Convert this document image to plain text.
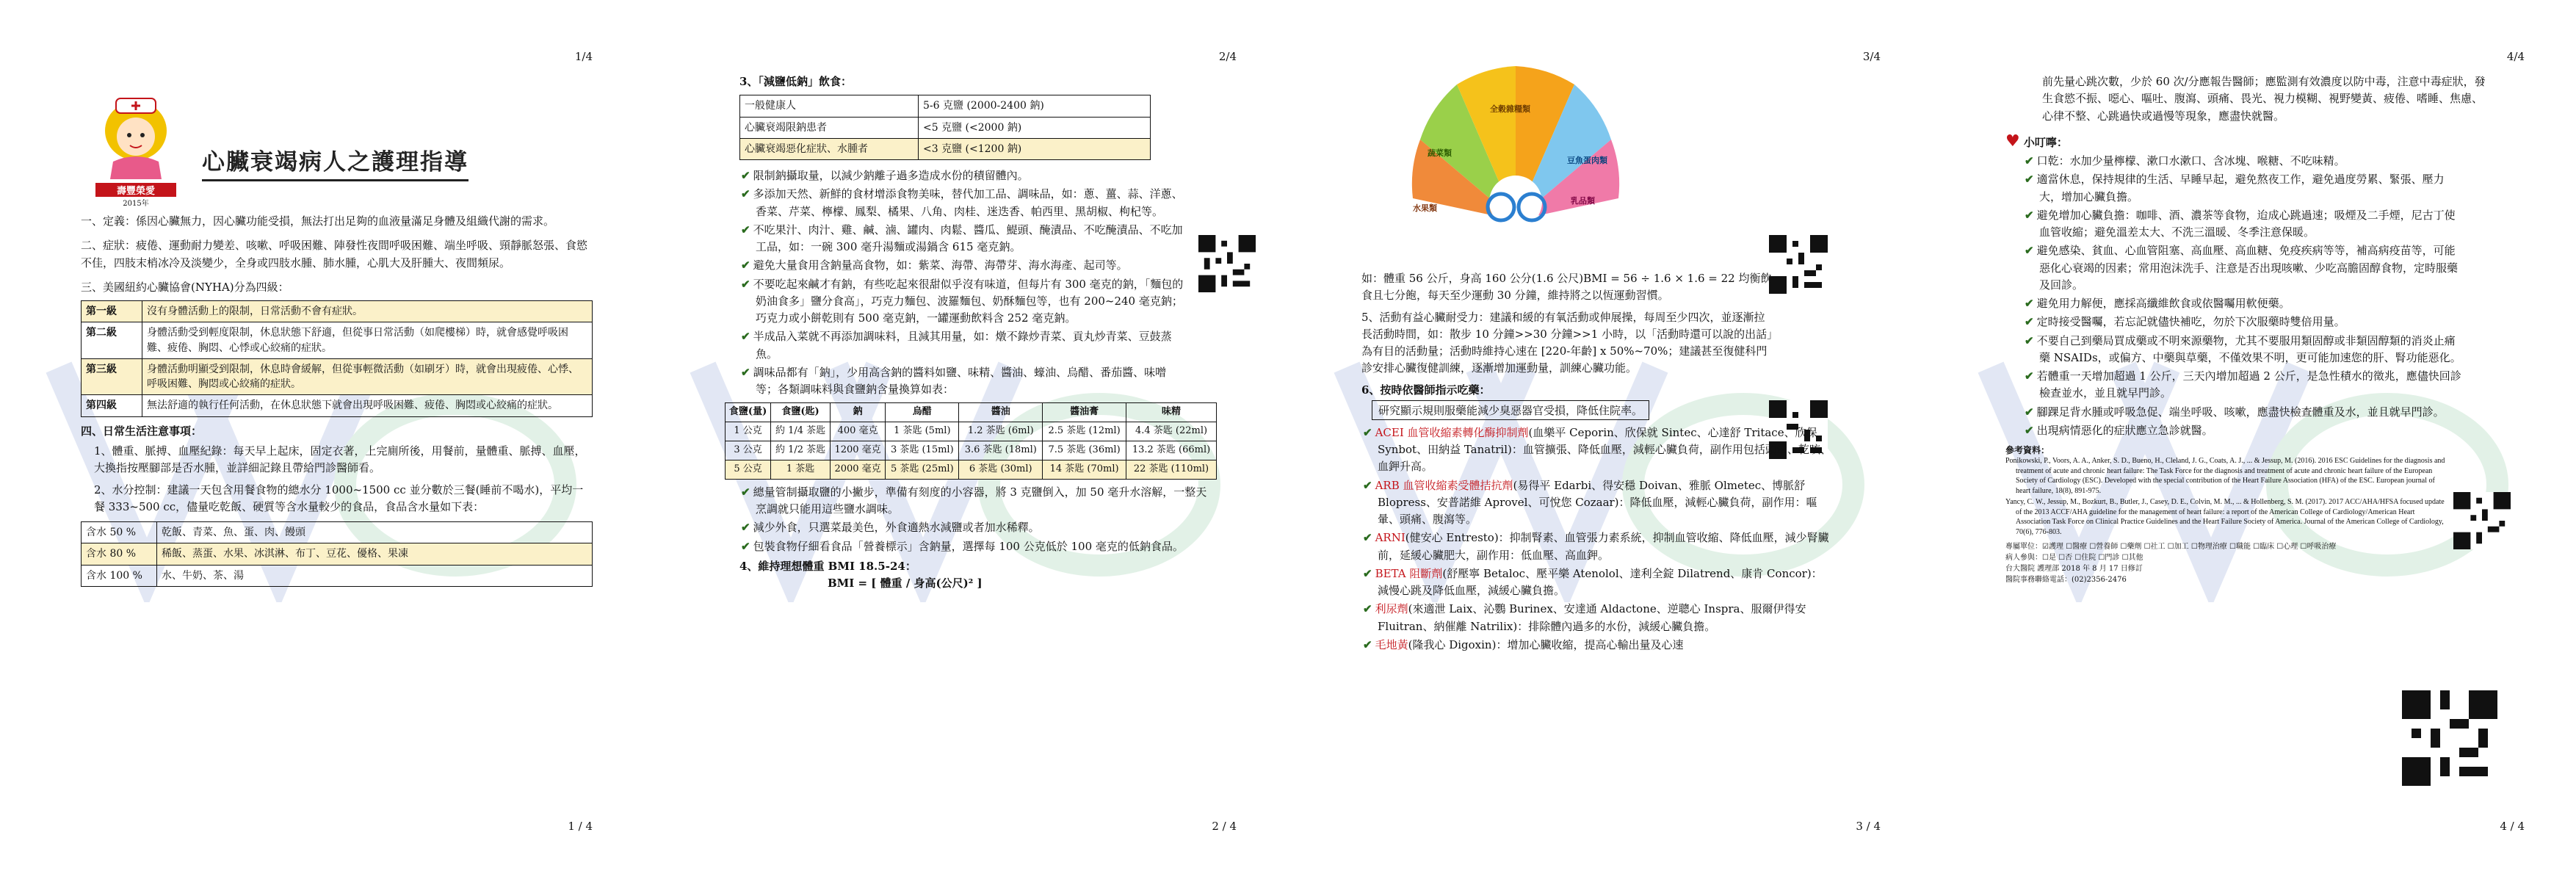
1/4
壽豐榮愛
2015年
心臟衰竭病人之護理指導
一、定義：係因心臟無力，因心臟功能受損，無法打出足夠的血液量滿足身體及組織代謝的需求。
二、症狀：疲倦、運動耐力變差、咳嗽、呼吸困難、陣發性夜間呼吸困難、端坐呼吸、頸靜脈怒張、食慾不佳，四肢末梢冰冷及淡變少，全身或四肢水腫、肺水腫，心肌大及肝腫大、夜間頻尿。
三、美國紐約心臟協會(NYHA)分為四級：
第一級	沒有身體活動上的限制，日常活動不會有症狀。
第二級	身體活動受到輕度限制，休息狀態下舒適，但從事日常活動（如爬樓梯）時，就會感覺呼吸困難、疲倦、胸悶、心悸或心絞痛的症狀。
第三級	身體活動明顯受到限制，休息時會緩解，但從事輕微活動（如刷牙）時，就會出現疲倦、心悸、呼吸困難、胸悶或心絞痛的症狀。
第四級	無法舒適的執行任何活動，在休息狀態下就會出現呼吸困難、疲倦、胸悶或心絞痛的症狀。
四、日常生活注意事項：
1、體重、脈搏、血壓紀錄：每天早上起床，固定衣著，上完廁所後，用餐前，量體重、脈搏、血壓，大換指按壓腳部是否水腫，並詳細記錄且帶給門診醫師看。
2、水分控制：建議一天包含用餐食物的總水分 1000~1500 cc 並分數於三餐(睡前不喝水)，平均一餐 333~500 cc，儘量吃乾飯、硬質等含水量較少的食品，食品含水量如下表：
含水 50 %	乾飯、青菜、魚、蛋、肉、饅頭
含水 80 %	稀飯、蒸蛋、水果、冰淇淋、布丁、豆花、優格、果凍
含水 100 %	水、牛奶、茶、湯
1 / 4
2/4
3、「減鹽低鈉」飲食：
一般健康人	5-6 克鹽 (2000-2400 鈉)
心臟衰竭限鈉患者	<5 克鹽 (<2000 鈉)
心臟衰竭惡化症狀、水腫者	<3 克鹽 (<1200 鈉)
✔ 限制鈉攝取量，以減少鈉離子過多造成水份的積留體內。
✔ 多添加天然、新鮮的食材增添食物美味，替代加工品、調味品，如：蔥、薑、蒜、洋蔥、香菜、芹菜、檸檬、鳳梨、橘果、八角、肉桂、迷迭香、帕西里、黑胡椒、枸杞等。
✔ 不吃果汁、肉汁、雞、鹹、滷、罐肉、肉鬆、醬瓜、鯷頭、醃漬品、不吃醃漬品、不吃加工品，如：一碗 300 毫升湯麵或湯鍋含 615 毫克鈉。
✔ 避免大量食用含鈉量高食物，如：紫菜、海帶、海帶芽、海水海產、起司等。
✔ 不要吃起來鹹才有鈉，有些吃起來很甜似乎沒有味道，但每片有 300 毫克的鈉，「麵包的奶油食多」鹽分食高」，巧克力麵包、波羅麵包、奶酥麵包等，也有 200~240 毫克鈉；巧克力或小餅乾則有 500 毫克鈉，一罐運動飲料含 252 毫克鈉。
✔ 半成品入菜就不再添加調味料，且減其用量，如：燉不錄炒青菜、貢丸炒青菜、豆鼓蒸魚。
✔ 調味品都有「鈉」，少用高含鈉的醬料如鹽、味精、醬油、蠔油、烏醋、番茄醬、味噌等；各類調味料與食鹽鈉含量換算如表：
食鹽(量)	食鹽(匙)	鈉	烏醋	醬油	醬油膏	味精
1 公克	約 1/4 茶匙	400 毫克	1 茶匙 (5ml)	1.2 茶匙 (6ml)	2.5 茶匙 (12ml)	4.4 茶匙 (22ml)
3 公克	約 1/2 茶匙	1200 毫克	3 茶匙 (15ml)	3.6 茶匙 (18ml)	7.5 茶匙 (36ml)	13.2 茶匙 (66ml)
5 公克	1 茶匙	2000 毫克	5 茶匙 (25ml)	6 茶匙 (30ml)	14 茶匙 (70ml)	22 茶匙 (110ml)
✔ 總量管制攝取鹽的小撇步，準備有刻度的小容器，將 3 克鹽倒入，加 50 毫升水溶解，一整天烹調就只能用這些鹽水調味。
✔ 減少外食，只選菜最美色，外食適熱水減鹽或者加水稀釋。
✔ 包裝食物仔細看食品「營養標示」含鈉量，選擇每 100 公克低於 100 毫克的低鈉食品。
4、維持理想體重 BMI 18.5-24：
BMI = [ 體重 / 身高(公尺)² ]
2 / 4
3/4
全穀雜糧類
豆魚蛋肉類
乳品類
蔬菜類
水果類
如：體重 56 公斤，身高 160 公分(1.6 公尺)BMI = 56 ÷ 1.6 × 1.6 = 22 均衡飲食且七分飽，每天至少運動 30 分鐘，維持將之以恆運動習慣。
5、活動有益心臟耐受力：建議和緩的有氧活動或伸展操，每周至少四次，並逐漸拉長活動時間，如：散步 10 分鐘>>30 分鐘>>1 小時，以「活動時還可以說的出話」為有目的活動量；活動時維持心速在 [220-年齡] x 50%~70%；建議甚至復健科門診安排心臟復健訓練，逐漸增加運動量，訓練心臟功能。
6、按時依醫師指示吃藥：
研究顯示規則服藥能減少臭惡器官受損，降低住院率。
✔ ACEI 血管收縮素轉化酶抑制劑(血樂平 Ceporin、欣保就 Sintec、心達舒 Tritace、欣保 Synbot、田納益 Tanatril)：血管擴張、降低血壓，減輕心臟負荷，副作用包括頭暈、乾咳、血鉀升高。
✔ ARB 血管收縮素受體拮抗劑(易得平 Edarbi、得安穩 Doivan、雅脈 Olmetec、博脈舒 Blopress、安普諾維 Aprovel、可悅您 Cozaar)：降低血壓，減輕心臟負荷，副作用：嘔暈、頭痛、腹瀉等。
✔ ARNI(健安心 Entresto)：抑制腎素、血管張力素系統，抑制血管收縮、降低血壓，減少腎臟前，延緩心臟肥大，副作用：低血壓、高血鉀。
✔ BETA 阻斷劑(舒壓寧 Betaloc、壓平樂 Atenolol、達利全錠 Dilatrend、康肯 Concor)：減慢心跳及降低血壓，減緩心臟負擔。
✔ 利尿劑(來適泄 Laix、沁鸚 Burinex、安達通 Aldactone、逆聰心 Inspra、服爾伊得安 Fluitran、納催離 Natrilix)：排除體內過多的水份，減緩心臟負擔。
✔ 毛地黃(隆我心 Digoxin)：增加心臟收縮，提高心輸出量及心速
3 / 4
4/4
前先量心跳次數，少於 60 次/分應報告醫師；應監測有效濃度以防中毒，注意中毒症狀，發生食慾不振、噁心、嘔吐、腹瀉、頭痛、畏光、視力模糊、視野變黃、疲倦、嗜睡、焦慮、心律不整、心跳過快或過慢等現象，應盡快就醫。
♥ 小叮嚀：
✔ 口乾：水加少量檸檬、漱口水漱口、含冰塊、喉糖、不吃味精。
✔ 適當休息，保持規律的生活、早睡早起，避免熬夜工作，避免過度勞累、緊張、壓力大，增加心臟負擔。
✔ 避免增加心臟負擔：咖啡、酒、濃茶等食物，迨成心跳過速；吸煙及二手煙，尼古丁使血管收縮；避免溫差太大、不洗三溫暖、冬季注意保暖。
✔ 避免感染、貧血、心血管阻塞、高血壓、高血糖、免疫疾病等等，補高病疫苗等，可能惡化心衰竭的因素；常用泡沫洗手、注意是否出現咳嗽、少吃高膽固醇食物，定時服藥及回診。
✔ 避免用力解便，應採高纖維飲食或依醫囑用軟便藥。
✔ 定時接受醫囑，若忘記就儘快補吃，勿於下次服藥時雙倍用量。
✔ 不要自己到藥局買成藥或不明來源藥物，尤其不要服用類固醇或非類固醇類的消炎止痛藥 NSAIDs，或偏方、中藥與草藥，不僅效果不明，更可能加速您的肝、腎功能惡化。
✔ 若體重一天增加超過 1 公斤，三天內增加超過 2 公斤，是急性積水的徵兆，應儘快回診檢查並水，並且就早門診。
✔ 腳踝足背水腫或呼吸急促、端坐呼吸、咳嗽，應盡快檢查體重及水，並且就早門診。
✔ 出現病情惡化的症狀應立急診就醫。
參考資料：
Ponikowski, P., Voors, A. A., Anker, S. D., Bueno, H., Cleland, J. G., Coats, A. J., ... & Jessup, M. (2016). 2016 ESC Guidelines for the diagnosis and treatment of acute and chronic heart failure: The Task Force for the diagnosis and treatment of acute and chronic heart failure of the European Society of Cardiology (ESC). Developed with the special contribution of the Heart Failure Association (HFA) of the ESC. European journal of heart failure, 18(8), 891-975.
Yancy, C. W., Jessup, M., Bozkurt, B., Butler, J., Casey, D. E., Colvin, M. M., ... & Hollenberg, S. M. (2017). 2017 ACC/AHA/HFSA focused update of the 2013 ACCF/AHA guideline for the management of heart failure: a report of the American College of Cardiology/American Heart Association Task Force on Clinical Practice Guidelines and the Heart Failure Society of America. Journal of the American College of Cardiology, 70(6), 776-803.
專屬單位：☑護理 ☐醫療 ☐營養師 ☐藥劑 ☐社工 ☐加工 ☐物理治療 ☐職能 ☐臨床 ☐心理 ☐呼吸治療
病人參與：☐是 ☐否 ☐住院 ☐門診 ☐其他
台大醫院 護理部 2018 年 8 月 17 日修訂
醫院事務聯絡電話：(02)2356-2476
4 / 4
